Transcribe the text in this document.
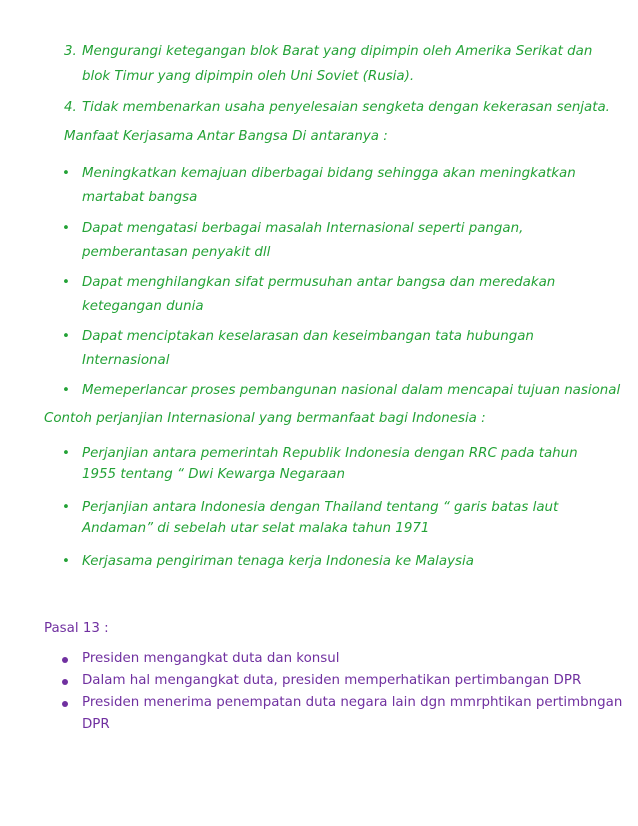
3. Mengurangi ketegangan blok Barat yang dipimpin oleh Amerika Serikat dan
blok Timur yang dipimpin oleh Uni Soviet (Rusia).
4. Tidak membenarkan usaha penyelesaian sengketa dengan kekerasan senjata.
Manfaat Kerjasama Antar Bangsa Di antaranya :
• Meningkatkan kemajuan diberbagai bidang sehingga akan meningkatkan
martabat bangsa
• Dapat mengatasi berbagai masalah Internasional seperti pangan,
pemberantasan penyakit dll
• Dapat menghilangkan sifat permusuhan antar bangsa dan meredakan
ketegangan dunia
• Dapat menciptakan keselarasan dan keseimbangan tata hubungan
Internasional
• Memeperlancar proses pembangunan nasional dalam mencapai tujuan nasional
Contoh perjanjian Internasional yang bermanfaat bagi Indonesia :
• Perjanjian antara pemerintah Republik Indonesia dengan RRC pada tahun
1955 tentang “ Dwi Kewarga Negaraan
• Perjanjian antara Indonesia dengan Thailand tentang “ garis batas laut
Andaman” di sebelah utar selat malaka tahun 1971
• Kerjasama pengiriman tenaga kerja Indonesia ke Malaysia
Pasal 13 :
Presiden mengangkat duta dan konsul
Dalam hal mengangkat duta, presiden memperhatikan pertimbangan DPR
Presiden menerima penempatan duta negara lain dgn mmrphtikan pertimbngan
DPR
